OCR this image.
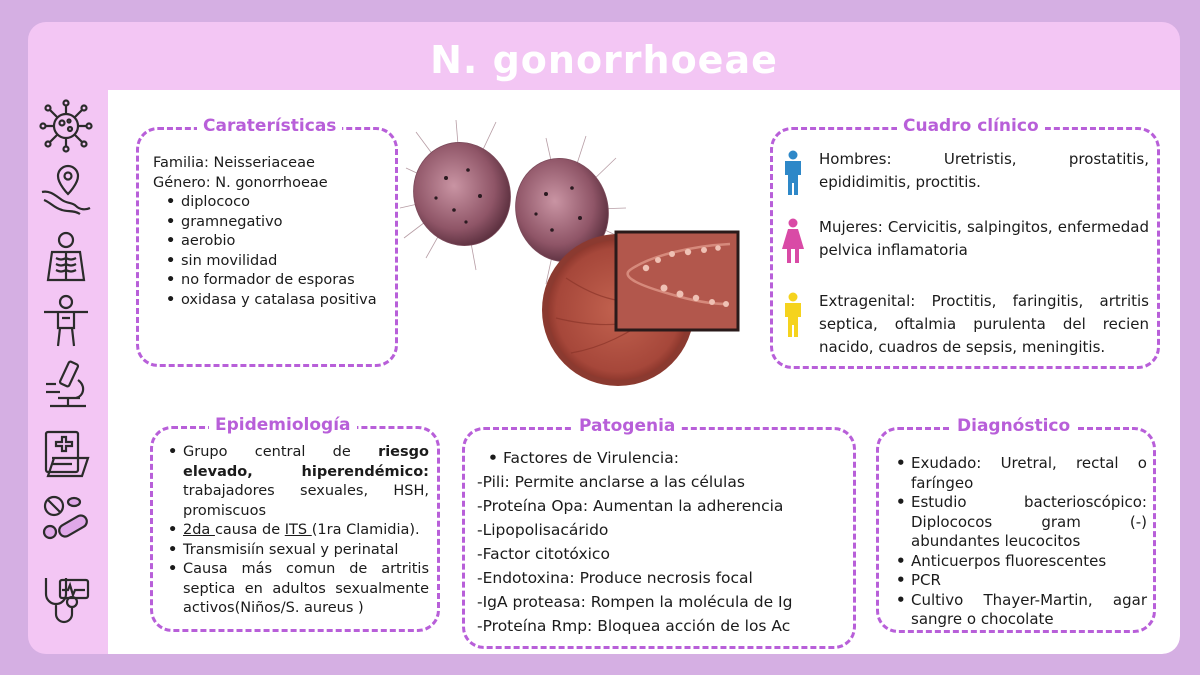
N. gonorrhoeae
Caraterísticas
Familia: Neisseriaceae
Género: N. gonorrhoeae
• diplococo
• gramnegativo
• aerobio
• sin movilidad
• no formador de esporas
• oxidasa y catalasa positiva
Cuadro clínico
Hombres: Uretristis, prostatitis, epididimitis, proctitis.
Mujeres: Cervicitis, salpingitos, enfermedad pelvica inflamatoria
Extragenital: Proctitis, faringitis, artritis septica, oftalmia purulenta del recien nacido, cuadros de sepsis, meningitis.
Epidemiología
• Grupo central de riesgo elevado, hiperendémico: trabajadores sexuales, HSH, promiscuos
• 2da causa de ITS (1ra Clamidia).
• Transmisiín sexual y perinatal
• Causa más comun de artritis septica en adultos sexualmente activos(Niños/S. aureus )
Patogenia
• Factores de Virulencia:
-Pili: Permite anclarse a las células
-Proteína Opa: Aumentan la adherencia
-Lipopolisacárido
-Factor citotóxico
-Endotoxina: Produce necrosis focal
-IgA proteasa: Rompen la molécula de Ig
-Proteína Rmp: Bloquea acción de los Ac
Diagnóstico
• Exudado: Uretral, rectal o faríngeo
• Estudio bacterioscópico: Diplococos gram (-) abundantes leucocitos
• Anticuerpos fluorescentes
• PCR
• Cultivo Thayer-Martin, agar sangre o chocolate
